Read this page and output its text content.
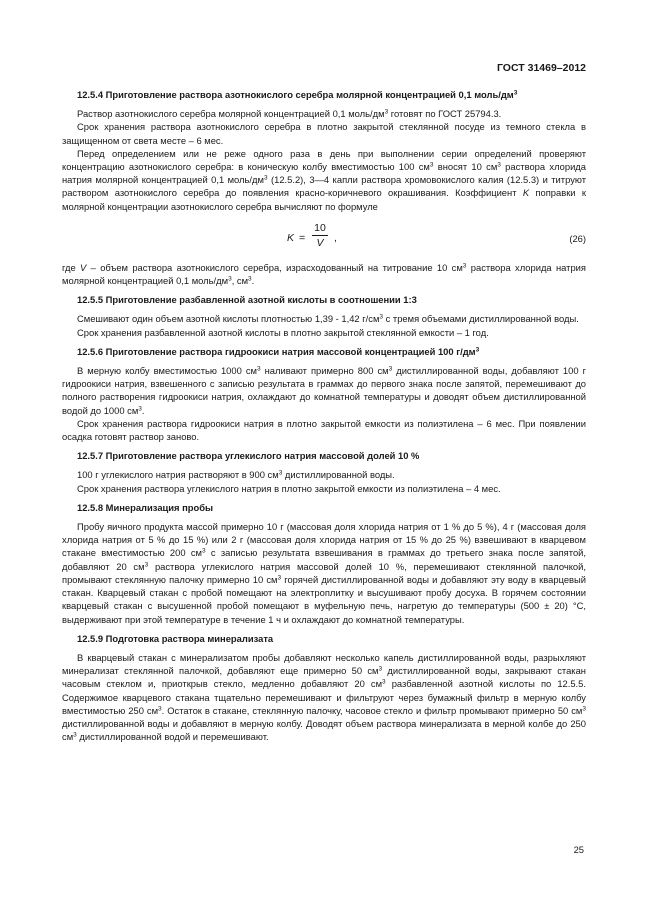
ГОСТ 31469–2012

12.5.4 Приготовление раствора азотнокислого серебра молярной концентрацией 0,1 моль/$дм^3$

Раствор азотнокислого серебра молярной концентрацией 0,1 моль/$дм^3$ готовят по ГОСТ 25794.3.

Срок хранения раствора азотнокислого серебра в плотно закрытой стеклянной посуде из темного стекла в защищенном от света месте – 6 мес.

Перед определением или не реже одного раза в день при выполнении серии определений проверяют концентрацию азотнокислого серебра: в коническую колбу вместимостью 100 $см^3$ вносят 10 $см^3$ раствора хлорида натрия молярной концентрацией 0,1 моль/$дм^3$ (12.5.2), 3—4 капли раствора хромовокислого калия (12.5.3) и титруют раствором азотнокислого серебра до появления красно-коричневого окрашивания. Коэффициент K поправки к молярной концентрации азотнокислого серебра вычисляют по формуле

K =
10
V	,	(26)

где V – объем раствора азотнокислого серебра, израсходованный на титрование 10 $см^3$ раствора хлорида натрия молярной концентрацией 0,1 моль/$дм^3$, $см^3$.

12.5.5 Приготовление разбавленной азотной кислоты в соотношении 1:3

Смешивают один объем азотной кислоты плотностью 1,39 - 1,42 $г/см^3$ с тремя объемами дистиллированной воды.

Срок хранения разбавленной азотной кислоты в плотно закрытой стеклянной емкости – 1 год.

12.5.6 Приготовление раствора гидроокиси натрия массовой концентрацией 100 $г/дм^3$

В мерную колбу вместимостью 1000 $см^3$ наливают примерно 800 $см^3$ дистиллированной воды, добавляют 100 г гидроокиси натрия, взвешенного с записью результата в граммах до первого знака после запятой, перемешивают до полного растворения гидроокиси натрия, охлаждают до комнатной температуры и доводят объем дистиллированной водой до 1000 $см^3$.

Срок хранения раствора гидроокиси натрия в плотно закрытой емкости из полиэтилена – 6 мес. При появлении осадка готовят раствор заново.

12.5.7 Приготовление раствора углекислого натрия массовой долей 10 %

100 г углекислого натрия растворяют в 900 $см^3$ дистиллированной воды.

Срок хранения раствора углекислого натрия в плотно закрытой емкости из полиэтилена – 4 мес.

12.5.8 Минерализация пробы

Пробу яичного продукта массой примерно 10 г (массовая доля хлорида натрия от 1 % до 5 %), 4 г (массовая доля хлорида натрия от 5 % до 15 %) или 2 г (массовая доля хлорида натрия от 15 % до 25 %) взвешивают в кварцевом стакане вместимостью 200 $см^3$ с записью результата взвешивания в граммах до третьего знака после запятой, добавляют 20 $см^3$ раствора углекислого натрия массовой долей 10 %, перемешивают стеклянной палочкой, промывают стеклянную палочку примерно 10 $см^3$ горячей дистиллированной воды и добавляют эту воду в кварцевый стакан. Кварцевый стакан с пробой помещают на электроплитку и высушивают пробу досуха. В горячем состоянии кварцевый стакан с высушенной пробой помещают в муфельную печь, нагретую до температуры (500 ± 20) °С, выдерживают при этой температуре в течение 1 ч и охлаждают до комнатной температуры.

12.5.9 Подготовка раствора минерализата

В кварцевый стакан с минерализатом пробы добавляют несколько капель дистиллированной воды, разрыхляют минерализат стеклянной палочкой, добавляют еще примерно 50 $см^3$ дистиллированной воды, закрывают стакан часовым стеклом и, приоткрыв стекло, медленно добавляют 20 $см^3$ разбавленной азотной кислоты по 12.5.5. Содержимое кварцевого стакана тщательно перемешивают и фильтруют через бумажный фильтр в мерную колбу вместимостью 250 $см^3$. Остаток в стакане, стеклянную палочку, часовое стекло и фильтр промывают примерно 50 $см^3$ дистиллированной воды и добавляют в мерную колбу. Доводят объем раствора минерализата в мерной колбе до 250 $см^3$ дистиллированной водой и перемешивают.

25
